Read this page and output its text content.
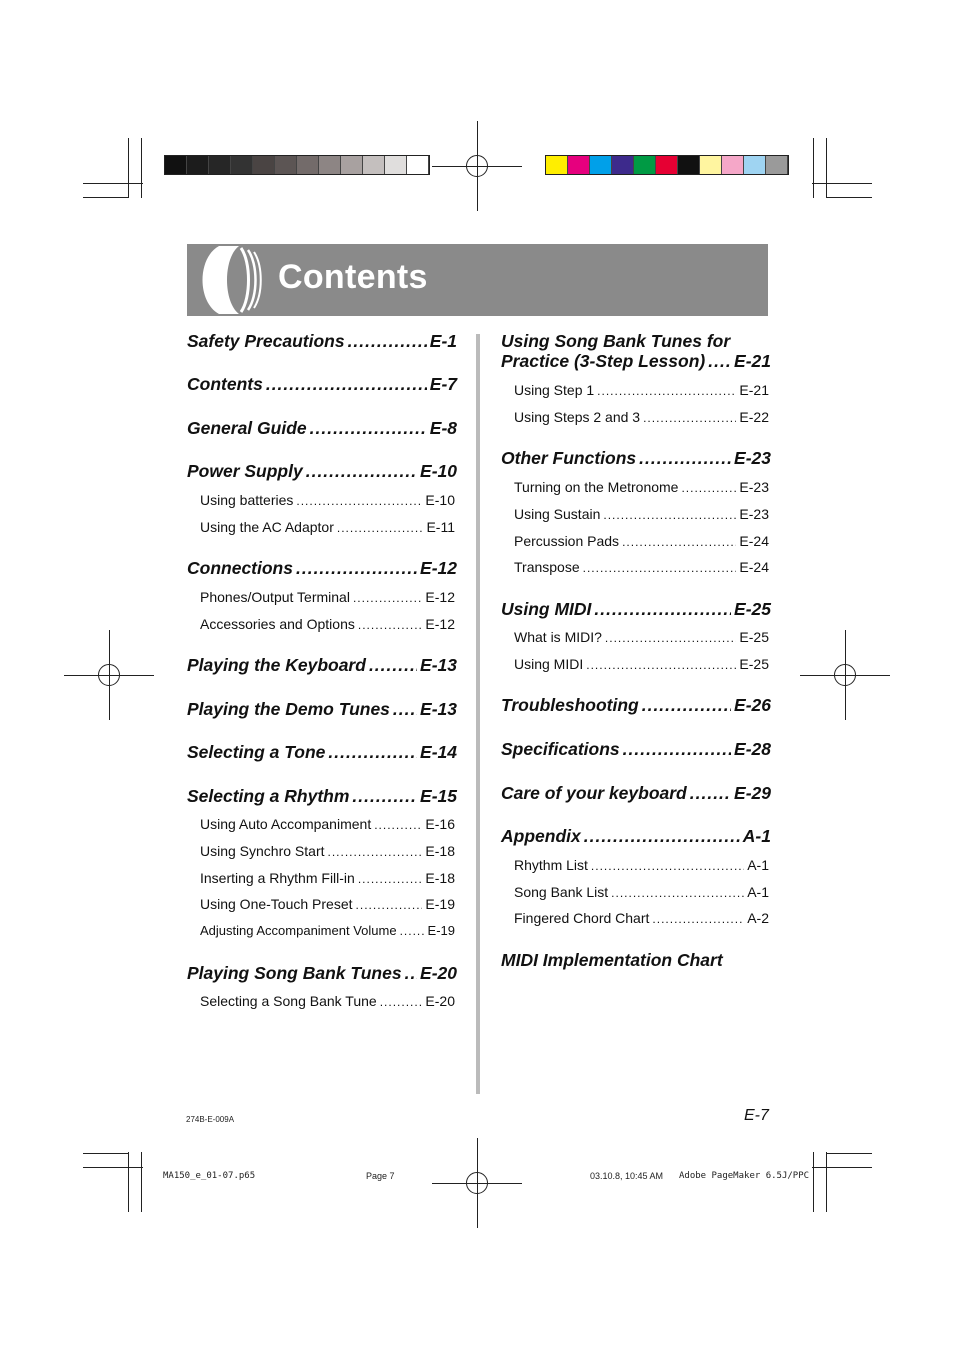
Contents
Safety Precautions .....	E-1
Contents .....	E-7
General Guide .....	E-8
Power Supply .....	E-10
Using batteries .....	E-10
Using the AC Adaptor .....	E-11
Connections .....	E-12
Phones/Output Terminal .....	E-12
Accessories and Options .....	E-12
Playing the Keyboard .....	E-13
Playing the Demo Tunes ..... E-13
Selecting a Tone .....	E-14
Selecting a Rhythm .....	E-15
Using Auto Accompaniment .....	E-16
Using Synchro Start .....	E-18
Inserting a Rhythm Fill-in .....	E-18
Using One-Touch Preset .....	E-19
Adjusting Accompaniment Volume ..... E-19
Playing Song Bank Tunes ..... E-20
Selecting a Song Bank Tune .....	E-20
Using Song Bank Tunes for
Practice (3-Step Lesson) ..... E-21
Using Step 1 .....	E-21
Using Steps 2 and 3 .....	E-22
Other Functions .....	E-23
Turning on the Metronome .....	E-23
Using Sustain .....	E-23
Percussion Pads .....	E-24
Transpose .....	E-24
Using MIDI .....	E-25
What is MIDI? .....	E-25
Using MIDI .....	E-25
Troubleshooting .....	E-26
Specifications .....	E-28
Care of your keyboard .....	E-29
Appendix .....	A-1
Rhythm List .....	A-1
Song Bank List .....	A-1
Fingered Chord Chart .....	A-2
MIDI Implementation Chart
274B-E-009A	E-7
MA150_e_01-07.p65	Page 7	03.10.8, 10:45 AM Adobe PageMaker 6.5J/PPC
